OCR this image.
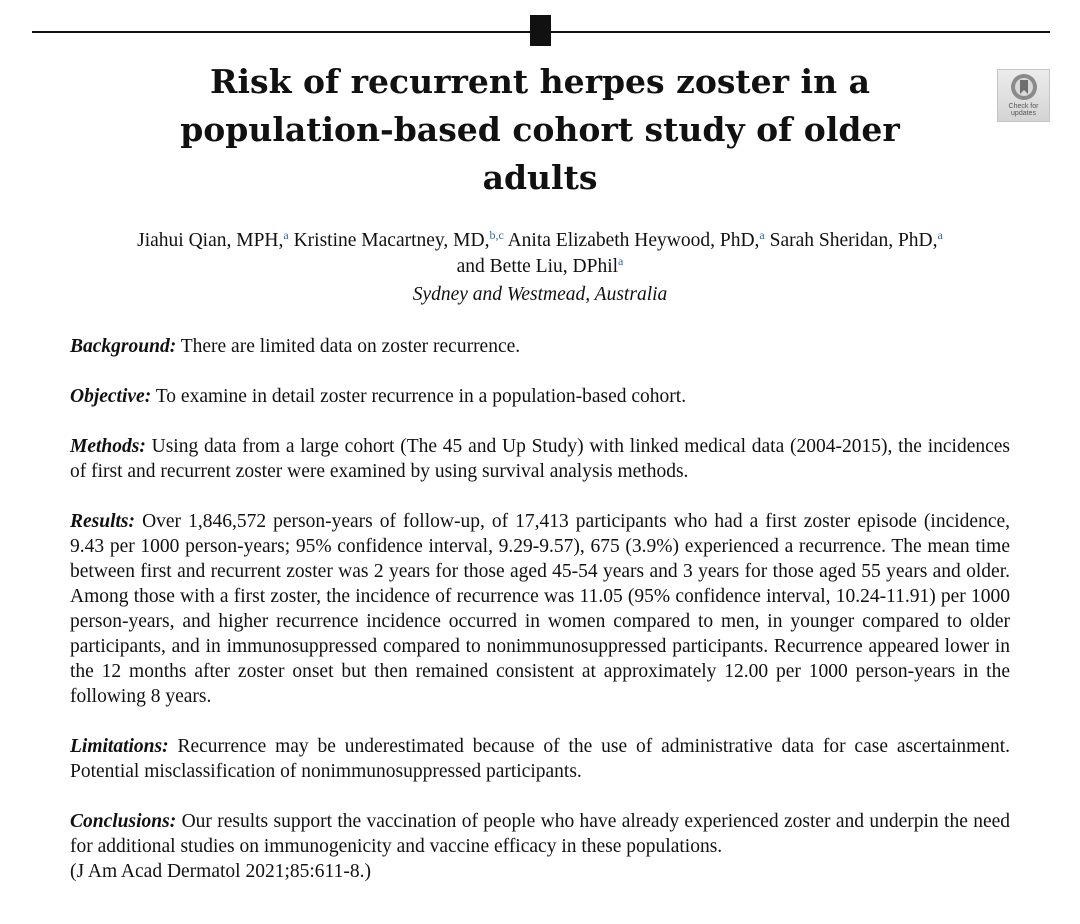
Check for updates
Risk of recurrent herpes zoster in a population-based cohort study of older adults

Jiahui Qian, MPH,$^a$ Kristine Macartney, MD,$^{b,c}$ Anita Elizabeth Heywood, PhD,$^a$ Sarah Sheridan, PhD,$^a$
and Bette Liu, DPhil$^a$

Sydney and Westmead, Australia

Background: There are limited data on zoster recurrence.

Objective: To examine in detail zoster recurrence in a population-based cohort.

Methods: Using data from a large cohort (The 45 and Up Study) with linked medical data (2004-2015), the incidences of first and recurrent zoster were examined by using survival analysis methods.

Results: Over 1,846,572 person-years of follow-up, of 17,413 participants who had a first zoster episode (incidence, 9.43 per 1000 person-years; 95% confidence interval, 9.29-9.57), 675 (3.9%) experienced a recurrence. The mean time between first and recurrent zoster was 2 years for those aged 45-54 years and 3 years for those aged 55 years and older. Among those with a first zoster, the incidence of recurrence was 11.05 (95% confidence interval, 10.24-11.91) per 1000 person-years, and higher recurrence incidence occurred in women compared to men, in younger compared to older participants, and in immunosuppressed compared to nonimmunosuppressed participants. Recurrence appeared lower in the 12 months after zoster onset but then remained consistent at approximately 12.00 per 1000 person-years in the following 8 years.

Limitations: Recurrence may be underestimated because of the use of administrative data for case ascertainment. Potential misclassification of nonimmunosuppressed participants.

Conclusions: Our results support the vaccination of people who have already experienced zoster and underpin the need for additional studies on immunogenicity and vaccine efficacy in these populations.
(J Am Acad Dermatol 2021;85:611-8.)
